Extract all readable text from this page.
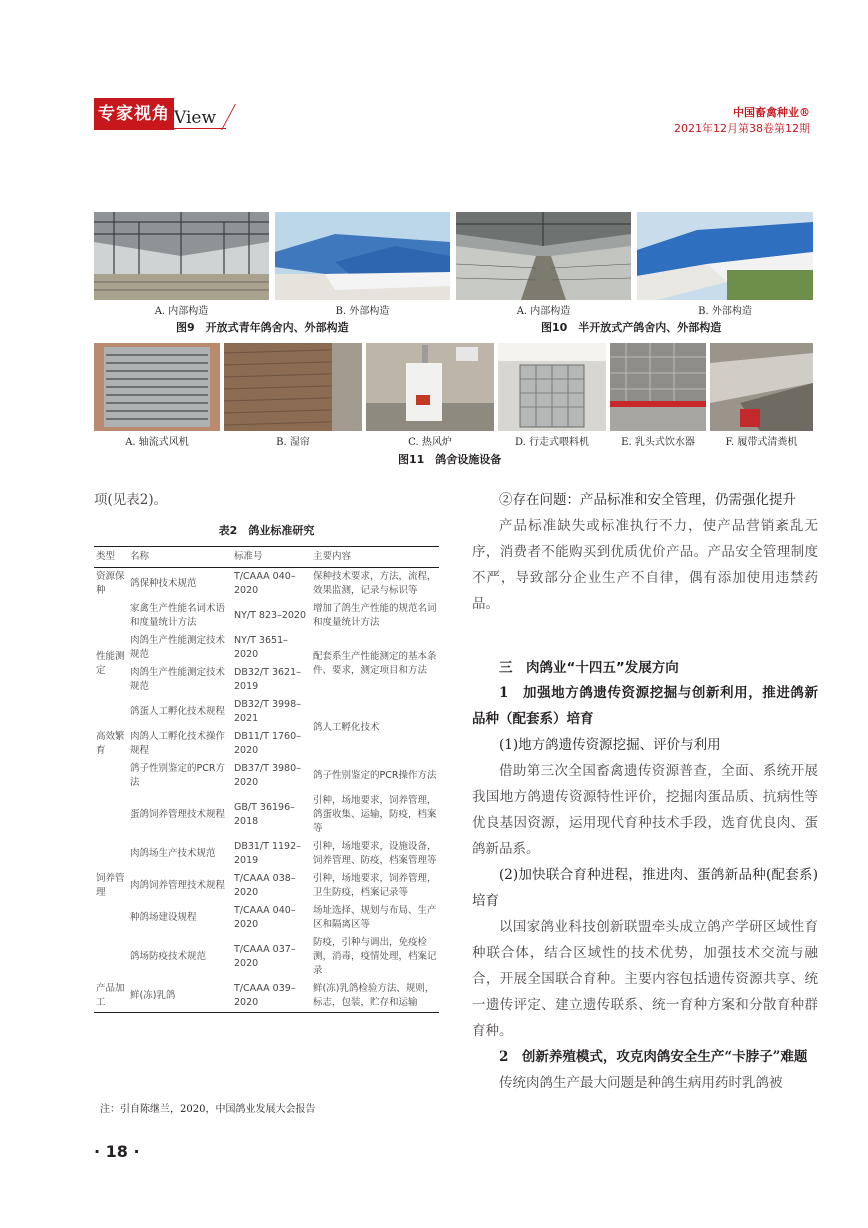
专家视角 View	中国畜禽种业®
2021年12月第38卷第12期
A. 内部构造	B. 外部构造	A. 内部构造	B. 外部构造
图9　开放式青年鸽舍内、外部构造	图10　半开放式产鸽舍内、外部构造
A. 轴流式风机	B. 湿帘	C. 热风炉	D. 行走式喂料机	E. 乳头式饮水器	F. 履带式清粪机
图11　鸽舍设施设备
项(见表2)。
表2　鸽业标准研究
类型	名称	标准号	主要内容
资源保种	鸽保种技术规范	T/CAAA 040–2020	保种技术要求，方法，流程，效果监测，记录与标识等
	家禽生产性能名词术语和度量统计方法	NY/T 823–2020	增加了鸽生产性能的规范名词和度量统计方法
性能测定	肉鸽生产性能测定技术规范	NY/T 3651–2020	配套系生产性能测定的基本条件、要求，测定项目和方法
	肉鸽生产性能测定技术规范	DB32/T 3621–2019	
高效繁育	鸽蛋人工孵化技术规程	DB32/T 3998–2021	鸽人工孵化技术
	肉鸽人工孵化技术操作规程	DB11/T 1760–2020	
	鸽子性别鉴定的PCR方法	DB37/T 3980–2020	鸽子性别鉴定的PCR操作方法
饲养管理	蛋鸽饲养管理技术规程	GB/T 36196–2018	引种，场地要求，饲养管理，鸽蛋收集、运输，防疫，档案等
	肉鸽场生产技术规范	DB31/T 1192–2019	引种，场地要求，设施设备，饲养管理、防疫，档案管理等
	肉鸽饲养管理技术规程	T/CAAA 038–2020	引种，场地要求，饲养管理，卫生防疫，档案记录等
	种鸽场建设规程	T/CAAA 040–2020	场址选择、规划与布局、生产区和隔离区等
	鸽场防疫技术规范	T/CAAA 037–2020	防疫，引种与调出，免疫检测，消毒，疫情处理，档案记录
产品加工	鲜(冻)乳鸽	T/CAAA 039–2020	鲜(冻)乳鸽检验方法、规则，标志，包装，贮存和运输
注：引自陈继兰，2020，中国鸽业发展大会报告
②存在问题：产品标准和安全管理，仍需强化提升
产品标准缺失或标准执行不力，使产品营销紊乱无序，消费者不能购买到优质优价产品。产品安全管理制度不严，导致部分企业生产不自律，偶有添加使用违禁药品。
三　肉鸽业“十四五”发展方向
1　加强地方鸽遗传资源挖掘与创新利用，推进鸽新品种（配套系）培育
(1)地方鸽遗传资源挖掘、评价与利用
借助第三次全国畜禽遗传资源普查，全面、系统开展我国地方鸽遗传资源特性评价，挖掘肉蛋品质、抗病性等优良基因资源，运用现代育种技术手段，选育优良肉、蛋鸽新品系。
(2)加快联合育种进程，推进肉、蛋鸽新品种(配套系)培育
以国家鸽业科技创新联盟牵头成立鸽产学研区域性育种联合体，结合区域性的技术优势，加强技术交流与融合，开展全国联合育种。主要内容包括遗传资源共享、统一遗传评定、建立遗传联系、统一育种方案和分散育种群育种。
2　创新养殖模式，攻克肉鸽安全生产“卡脖子”难题
传统肉鸽生产最大问题是种鸽生病用药时乳鸽被
· 18 ·
